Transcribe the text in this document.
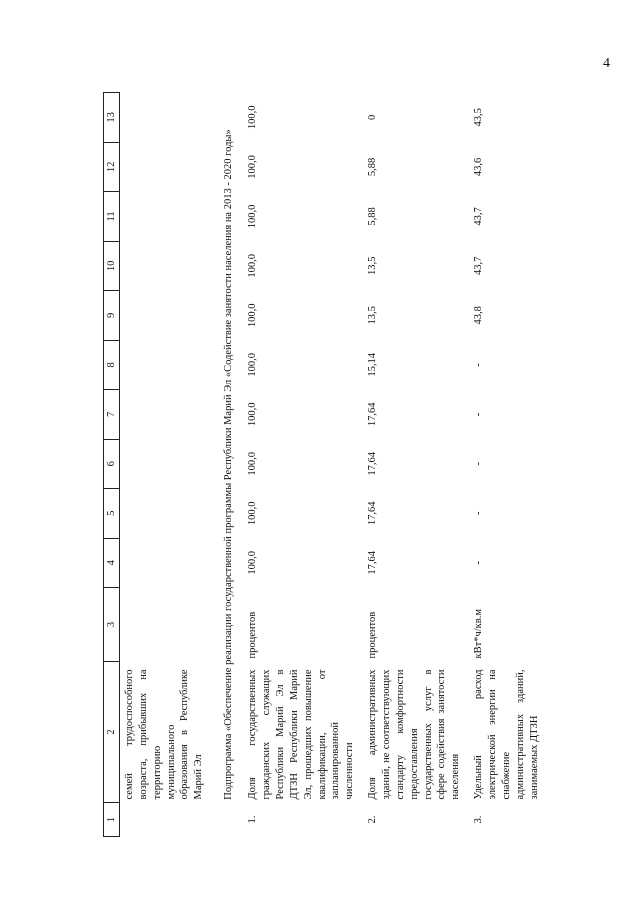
4
1	2	3	4	5	6	7	8	9	10	11	12	13
	семей трудоспособного возраста, прибывших на территорию муниципального образования в Республике Марий Эл											
Подпрограмма «Обеспечение реализации государственной программы Республики Марий Эл «Содействие занятости населения на 2013 - 2020 годы»												
1.	Доля государственных гражданских служащих Республики Марий Эл в ДТЗН Республики Марий Эл, прошедших повышение квалификации, от запланированной численности	процентов	100,0	100,0	100,0	100,0	100,0	100,0	100,0	100,0	100,0	100,0
2.	Доля административных зданий, не соответствующих стандарту комфортности предоставления государственных услуг в сфере содействия занятости населения	процентов	17,64	17,64	17,64	17,64	15,14	13,5	13,5	5,88	5,88	0
3.	Удельный расход электрической энергии на снабжение административных зданий, занимаемых ДТЗН	кВт*ч/кв.м	-	-	-	-	-	43,8	43,7	43,7	43,6	43,5
